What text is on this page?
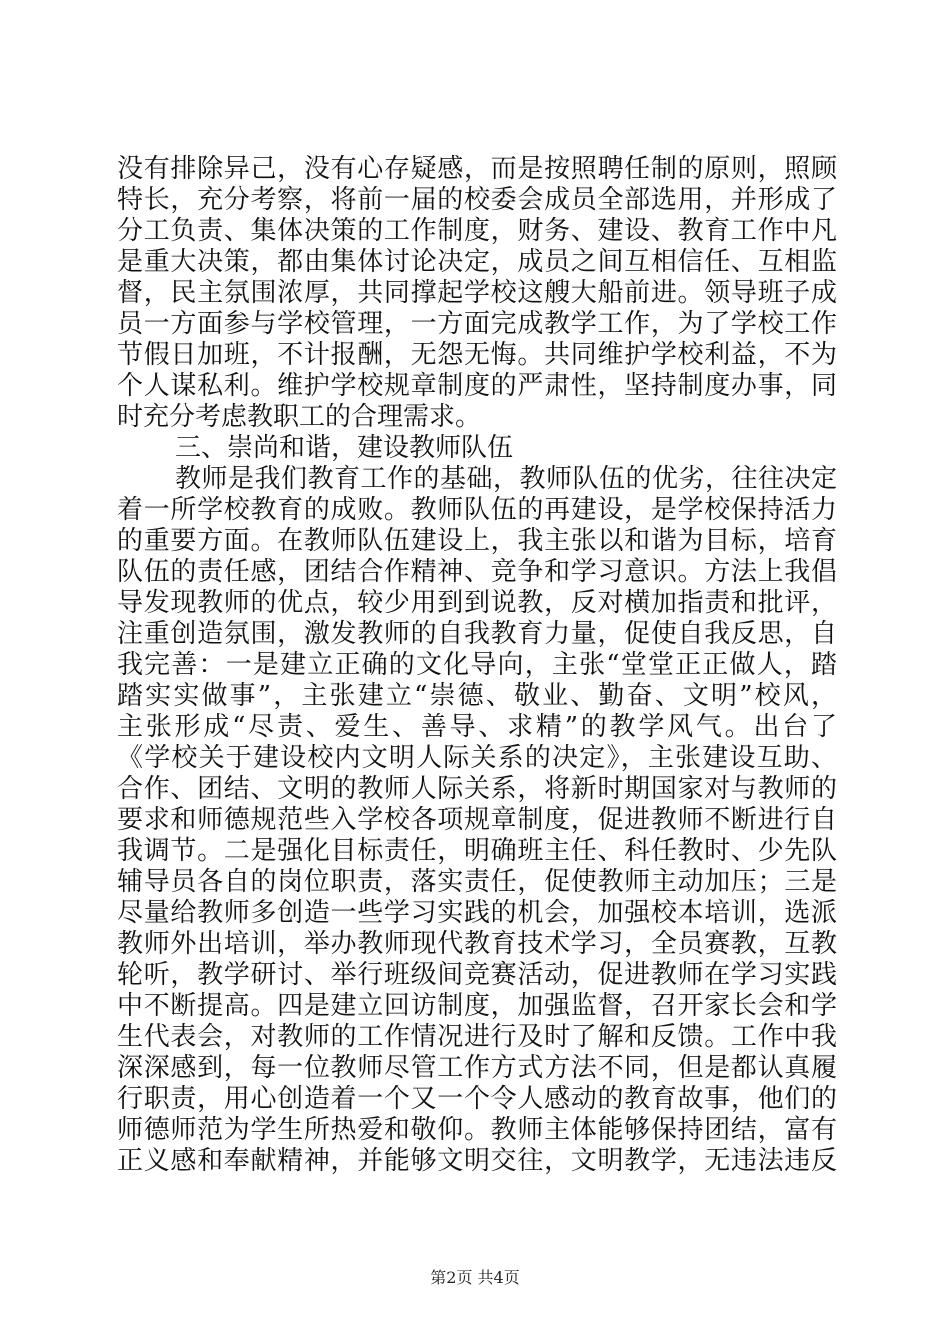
没有排除异己，没有心存疑感，而是按照聘任制的原则，照顾
特长，充分考察，将前一届的校委会成员全部选用，并形成了
分工负责、集体决策的工作制度，财务、建设、教育工作中凡
是重大决策，都由集体讨论决定，成员之间互相信任、互相监
督，民主氛围浓厚，共同撑起学校这艘大船前进。领导班子成
员一方面参与学校管理，一方面完成教学工作，为了学校工作
节假日加班，不计报酬，无怨无悔。共同维护学校利益，不为
个人谋私利。维护学校规章制度的严肃性，坚持制度办事，同
时充分考虑教职工的合理需求。
三、崇尚和谐，建设教师队伍
教师是我们教育工作的基础，教师队伍的优劣，往往决定
着一所学校教育的成败。教师队伍的再建设，是学校保持活力
的重要方面。在教师队伍建设上，我主张以和谐为目标，培育
队伍的责任感，团结合作精神、竞争和学习意识。方法上我倡
导发现教师的优点，较少用到到说教，反对横加指责和批评，
注重创造氛围，激发教师的自我教育力量，促使自我反思，自
我完善：一是建立正确的文化导向，主张“堂堂正正做人，踏
踏实实做事”，主张建立“崇德、敬业、勤奋、文明”校风，
主张形成“尽责、爱生、善导、求精”的教学风气。出台了
《学校关于建设校内文明人际关系的决定》，主张建设互助、
合作、团结、文明的教师人际关系，将新时期国家对与教师的
要求和师德规范些入学校各项规章制度，促进教师不断进行自
我调节。二是强化目标责任，明确班主任、科任教时、少先队
辅导员各自的岗位职责，落实责任，促使教师主动加压；三是
尽量给教师多创造一些学习实践的机会，加强校本培训，选派
教师外出培训，举办教师现代教育技术学习，全员赛教，互教
轮听，教学研讨、举行班级间竞赛活动，促进教师在学习实践
中不断提高。四是建立回访制度，加强监督，召开家长会和学
生代表会，对教师的工作情况进行及时了解和反馈。工作中我
深深感到，每一位教师尽管工作方式方法不同，但是都认真履
行职责，用心创造着一个又一个令人感动的教育故事，他们的
师德师范为学生所热爱和敬仰。教师主体能够保持团结，富有
正义感和奉献精神，并能够文明交往，文明教学，无违法违反
第2页 共4页
